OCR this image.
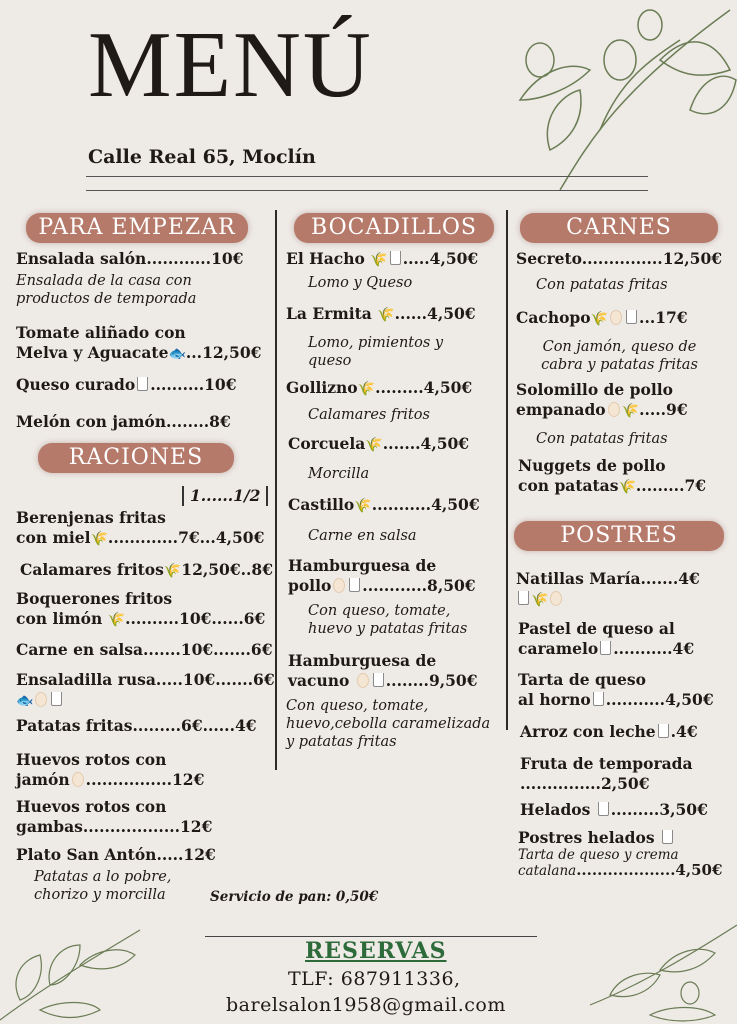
MENÚ
Calle Real 65, Moclín
PARA EMPEZAR
Ensalada salón............10€
Ensalada de la casa con productos de temporada
Tomate aliñado con
Melva y Aguacate🐟...12,50€
Queso curado ..........10€
Melón con jamón........8€
RACIONES
1......1/2
Berenjenas fritas
con miel🌾.............7€...4,50€
Calamares fritos🌾12,50€..8€
Boquerones fritos
con limón 🌾..........10€......6€
Carne en salsa.......10€.......6€
Ensaladilla rusa.....10€.......6€
🐟
Patatas fritas.........6€......4€
Huevos rotos con
jamón ................12€
Huevos rotos con
gambas..................12€
Plato San Antón.....12€
Patatas a lo pobre, chorizo y morcilla	Servicio de pan: 0,50€
BOCADILLOS
El Hacho 🌾 .....4,50€
Lomo y Queso
La Ermita 🌾......4,50€
Lomo, pimientos y queso
Gollizno🌾.........4,50€
Calamares fritos
Corcuela🌾.......4,50€
Morcilla
Castillo🌾...........4,50€
Carne en salsa
Hamburguesa de
pollo ............8,50€
Con queso, tomate, huevo y patatas fritas
Hamburguesa de
vacuno ........9,50€
Con queso, tomate, huevo,cebolla caramelizada y patatas fritas
CARNES
Secreto...............12,50€
Con patatas fritas
Cachopo🌾 ...17€
Con jamón, queso de cabra y patatas fritas
Solomillo de pollo
empanado 🌾.....9€
Con patatas fritas
Nuggets de pollo
con patatas🌾.........7€
POSTRES
Natillas María.......4€
🌾
Pastel de queso al
caramelo ...........4€
Tarta de queso
al horno ...........4,50€
Arroz con leche .4€
Fruta de temporada
...............2,50€
Helados .........3,50€
Postres helados
Tarta de queso y crema
catalana...................4,50€
RESERVAS
TLF: 687911336,
barelsalon1958@gmail.com
